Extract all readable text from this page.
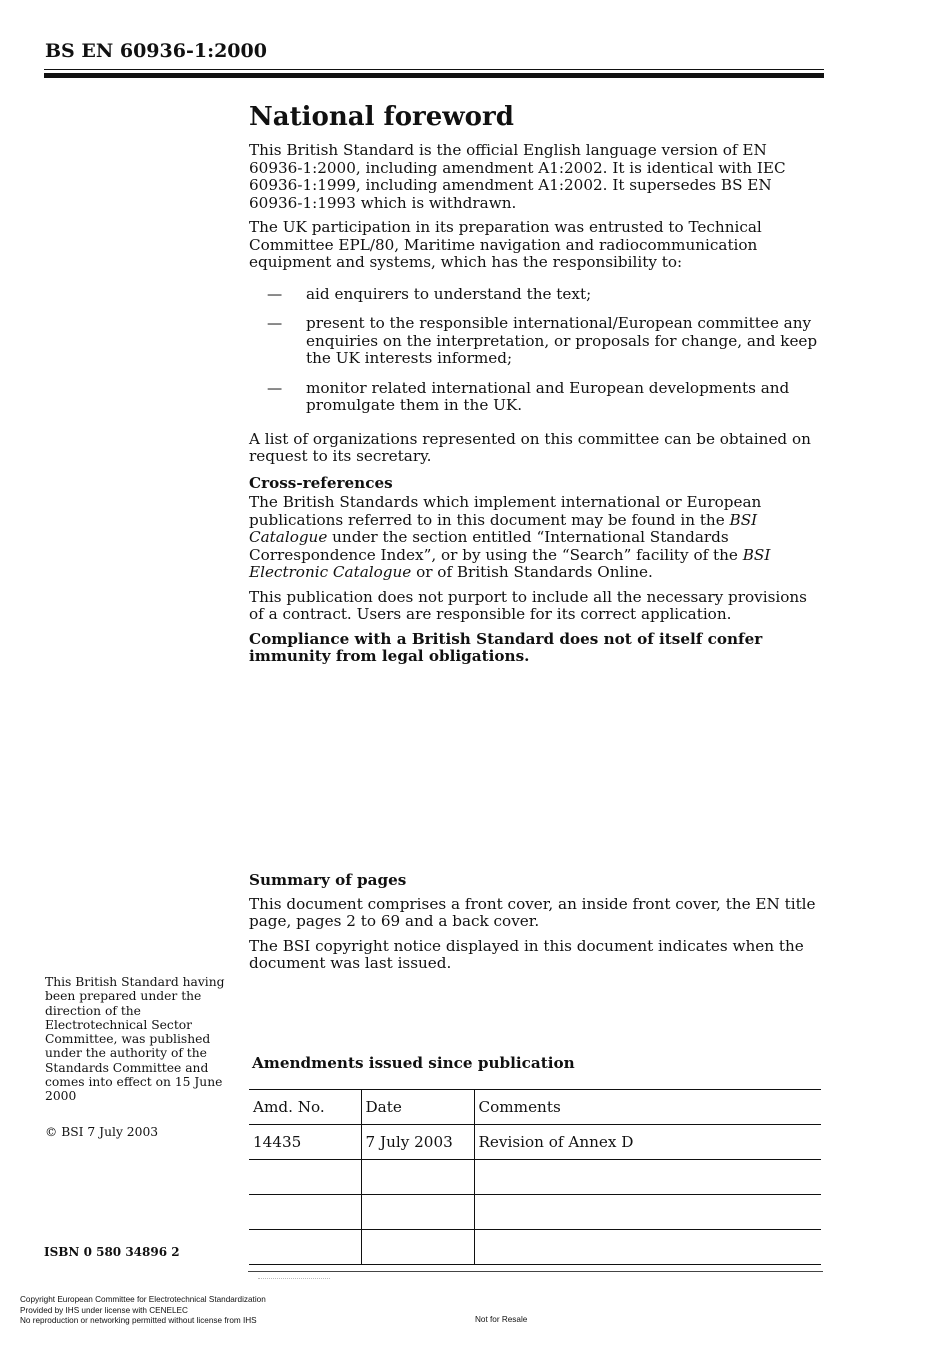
BS EN 60936-1:2000

National foreword

This British Standard is the official English language version of EN 60936-1:2000, including amendment A1:2002. It is identical with IEC 60936-1:1999, including amendment A1:2002. It supersedes BS EN 60936-1:1993 which is withdrawn.

The UK participation in its preparation was entrusted to Technical Committee EPL/80, Maritime navigation and radiocommunication equipment and systems, which has the responsibility to:

— aid enquirers to understand the text;
— present to the responsible international/European committee any enquiries on the interpretation, or proposals for change, and keep the UK interests informed;
— monitor related international and European developments and promulgate them in the UK.

A list of organizations represented on this committee can be obtained on request to its secretary.

Cross-references

The British Standards which implement international or European publications referred to in this document may be found in the BSI Catalogue under the section entitled “International Standards Correspondence Index”, or by using the “Search” facility of the BSI Electronic Catalogue or of British Standards Online.

This publication does not purport to include all the necessary provisions of a contract. Users are responsible for its correct application.

Compliance with a British Standard does not of itself confer immunity from legal obligations.

Summary of pages

This document comprises a front cover, an inside front cover, the EN title page, pages 2 to 69 and a back cover.

The BSI copyright notice displayed in this document indicates when the document was last issued.

This British Standard having been prepared under the direction of the Electrotechnical Sector Committee, was published under the authority of the Standards Committee and comes into effect on 15 June 2000

© BSI 7 July 2003

ISBN 0 580 34896 2

Amendments issued since publication

Amd. No.	Date	Comments
14435	7 July 2003	Revision of Annex D

Copyright European Committee for Electrotechnical Standardization
Provided by IHS under license with CENELEC
No reproduction or networking permitted without license from IHS	Not for Resale
